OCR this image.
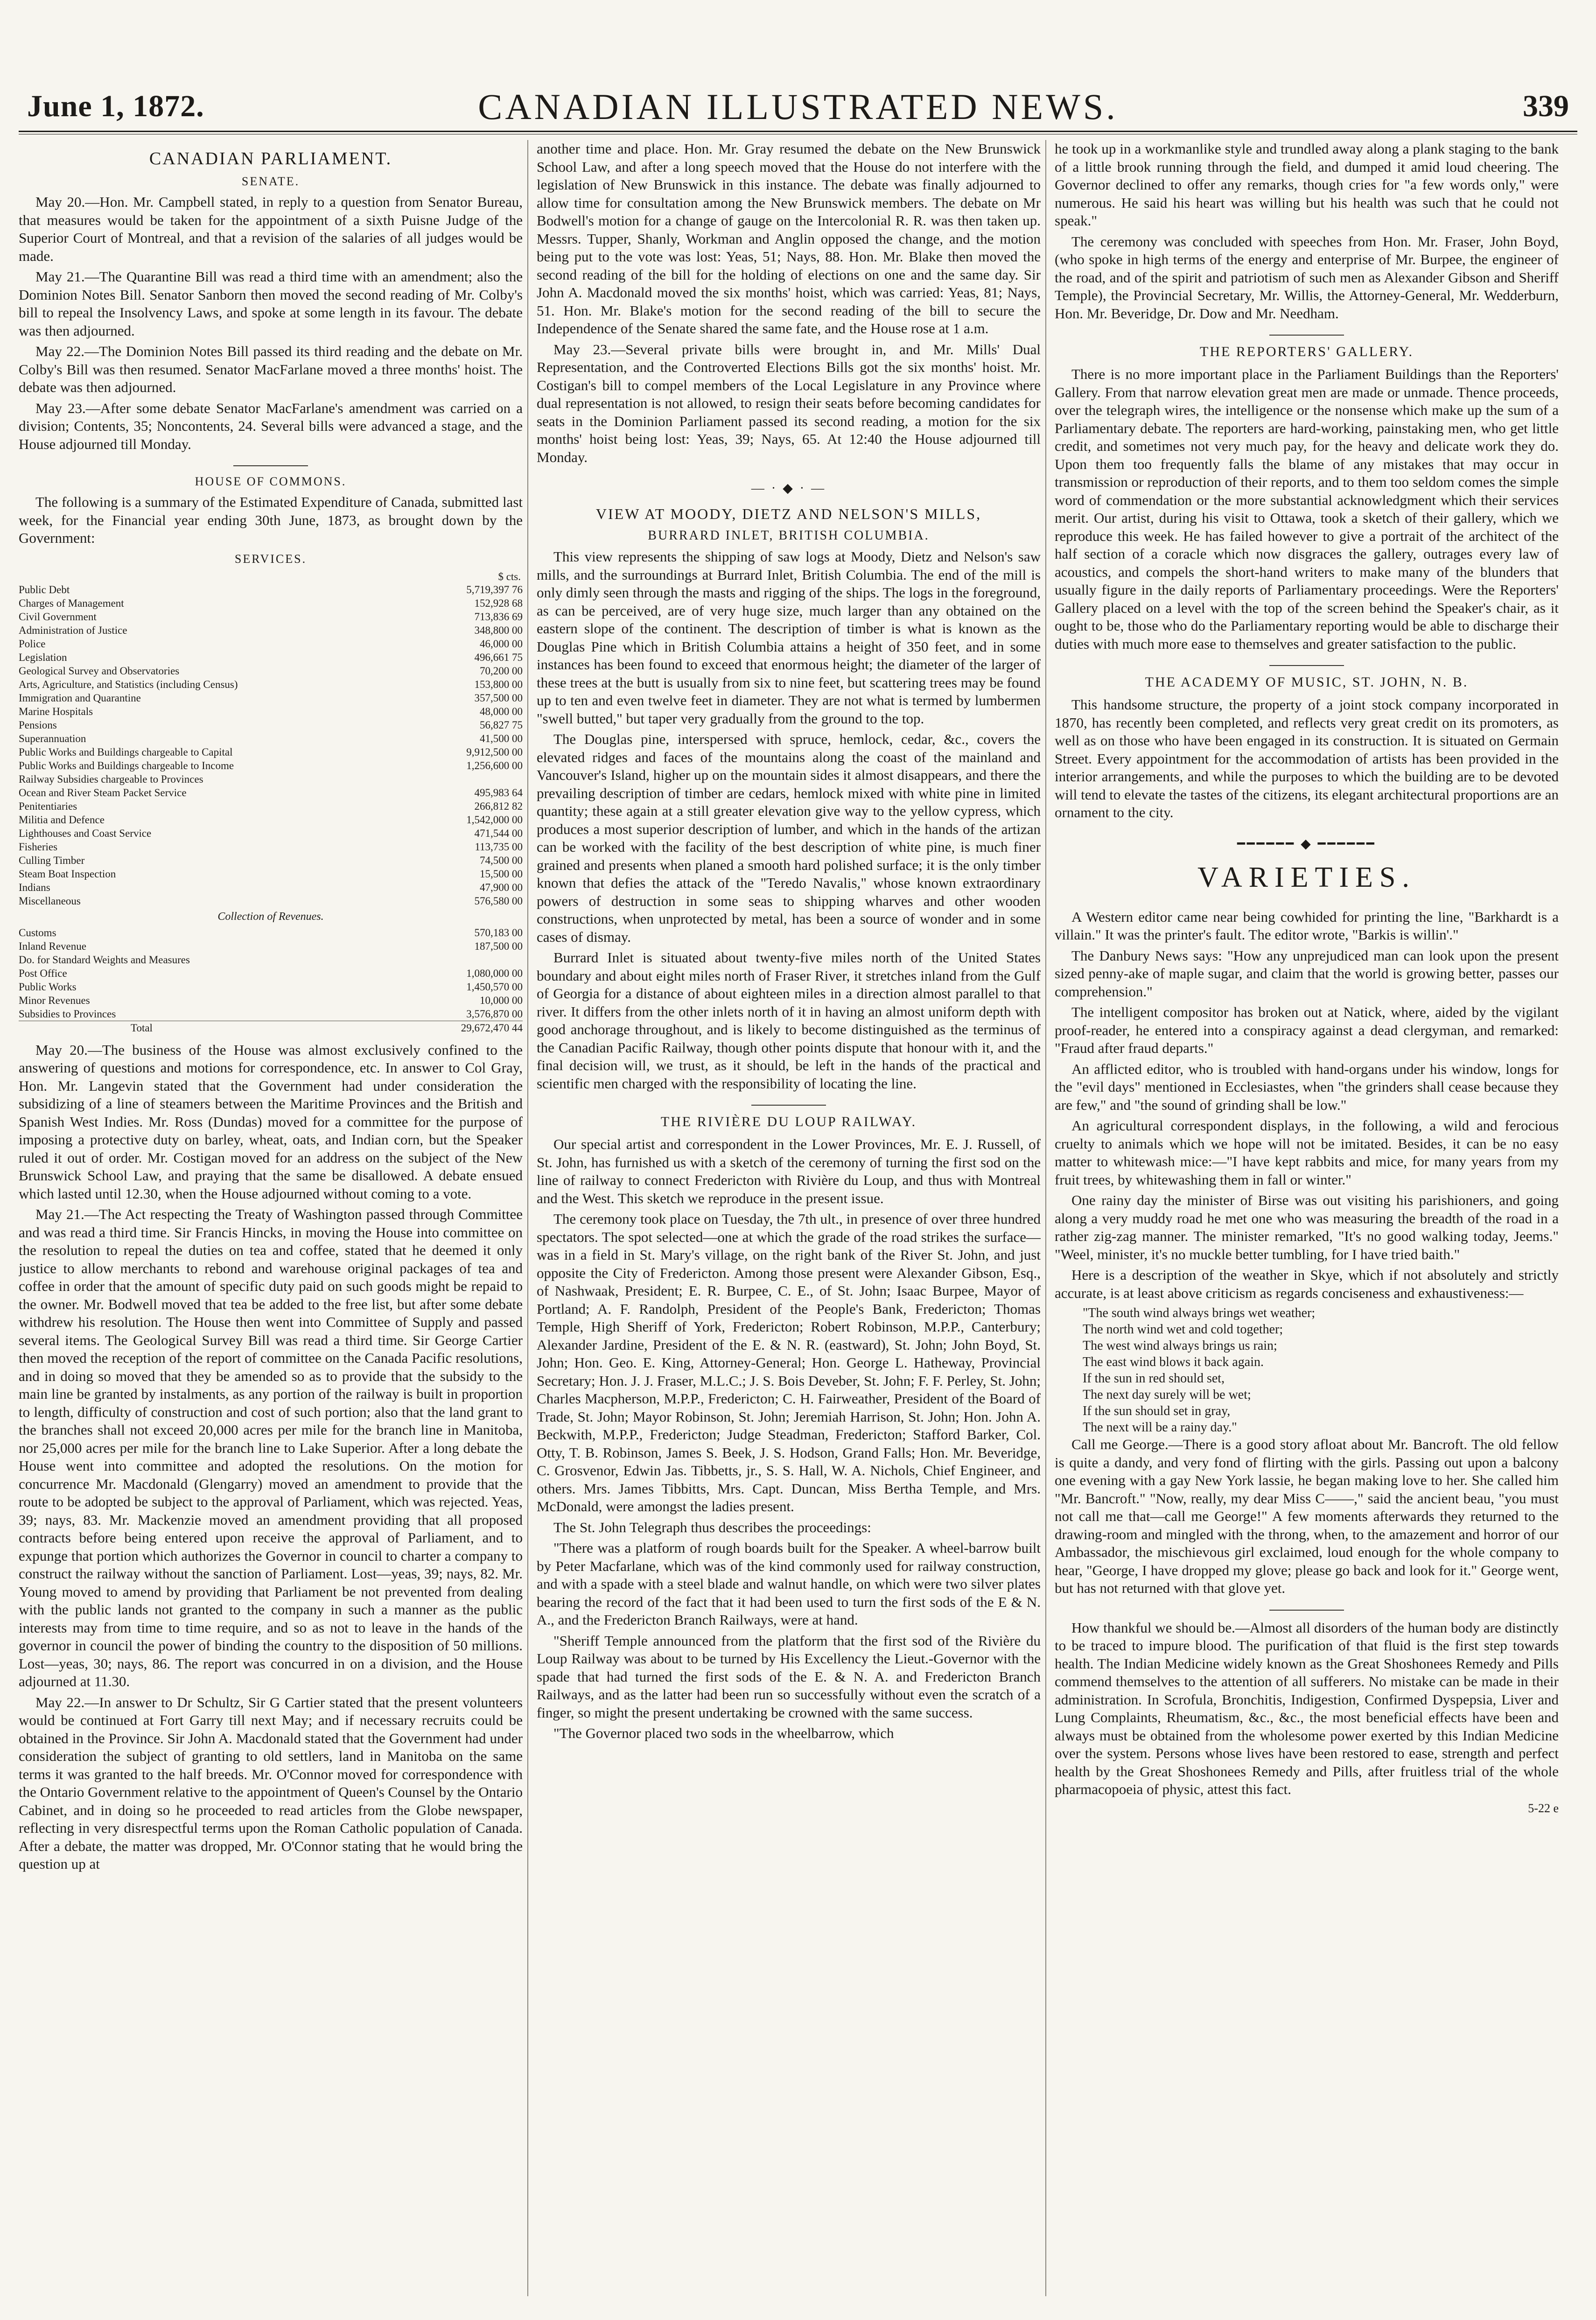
June 1, 1872.	CANADIAN ILLUSTRATED NEWS.	339
CANADIAN PARLIAMENT.
SENATE.

May 20.—Hon. Mr. Campbell stated, in reply to a question from Senator Bureau, that measures would be taken for the appointment of a sixth Puisne Judge of the Superior Court of Montreal, and that a revision of the salaries of all judges would be made.

May 21.—The Quarantine Bill was read a third time with an amendment; also the Dominion Notes Bill. Senator Sanborn then moved the second reading of Mr. Colby's bill to repeal the Insolvency Laws, and spoke at some length in its favour. The debate was then adjourned.

May 22.—The Dominion Notes Bill passed its third reading and the debate on Mr. Colby's Bill was then resumed. Senator MacFarlane moved a three months' hoist. The debate was then adjourned.

May 23.—After some debate Senator MacFarlane's amendment was carried on a division; Contents, 35; Noncontents, 24. Several bills were advanced a stage, and the House adjourned till Monday.

HOUSE OF COMMONS.

The following is a summary of the Estimated Expenditure of Canada, submitted last week, for the Financial year ending 30th June, 1873, as brought down by the Government:

SERVICES.
$ cts.
Public Debt	5,719,397 76
Charges of Management	152,928 68
Civil Government	713,836 69
Administration of Justice	348,800 00
Police	46,000 00
Legislation	496,661 75
Geological Survey and Observatories	70,200 00
Arts, Agriculture, and Statistics (including Census)	153,800 00
Immigration and Quarantine	357,500 00
Marine Hospitals	48,000 00
Pensions	56,827 75
Superannuation	41,500 00
Public Works and Buildings chargeable to Capital	9,912,500 00
Public Works and Buildings chargeable to Income	1,256,600 00
Railway Subsidies chargeable to Provinces	
Ocean and River Steam Packet Service	495,983 64
Penitentiaries	266,812 82
Militia and Defence	1,542,000 00
Lighthouses and Coast Service	471,544 00
Fisheries	113,735 00
Culling Timber	74,500 00
Steam Boat Inspection	15,500 00
Indians	47,900 00
Miscellaneous	576,580 00
Collection of Revenues.
Customs	570,183 00
Inland Revenue	187,500 00
Do. for Standard Weights and Measures	
Post Office	1,080,000 00
Public Works	1,450,570 00
Minor Revenues	10,000 00
Subsidies to Provinces	3,576,870 00
Total	29,672,470 44

May 20.—The business of the House was almost exclusively confined to the answering of questions and motions for correspondence, etc. In answer to Col Gray, Hon. Mr. Langevin stated that the Government had under consideration the subsidizing of a line of steamers between the Maritime Provinces and the British and Spanish West Indies. Mr. Ross (Dundas) moved for a committee for the purpose of imposing a protective duty on barley, wheat, oats, and Indian corn, but the Speaker ruled it out of order. Mr. Costigan moved for an address on the subject of the New Brunswick School Law, and praying that the same be disallowed. A debate ensued which lasted until 12.30, when the House adjourned without coming to a vote.

May 21.—The Act respecting the Treaty of Washington passed through Committee and was read a third time. Sir Francis Hincks, in moving the House into committee on the resolution to repeal the duties on tea and coffee, stated that he deemed it only justice to allow merchants to rebond and warehouse original packages of tea and coffee in order that the amount of specific duty paid on such goods might be repaid to the owner. Mr. Bodwell moved that tea be added to the free list, but after some debate withdrew his resolution. The House then went into Committee of Supply and passed several items. The Geological Survey Bill was read a third time. Sir George Cartier then moved the reception of the report of committee on the Canada Pacific resolutions, and in doing so moved that they be amended so as to provide that the subsidy to the main line be granted by instalments, as any portion of the railway is built in proportion to length, difficulty of construction and cost of such portion; also that the land grant to the branches shall not exceed 20,000 acres per mile for the branch line in Manitoba, nor 25,000 acres per mile for the branch line to Lake Superior. After a long debate the House went into committee and adopted the resolutions. On the motion for concurrence Mr. Macdonald (Glengarry) moved an amendment to provide that the route to be adopted be subject to the approval of Parliament, which was rejected. Yeas, 39; nays, 83. Mr. Mackenzie moved an amendment providing that all proposed contracts before being entered upon receive the approval of Parliament, and to expunge that portion which authorizes the Governor in council to charter a company to construct the railway without the sanction of Parliament. Lost—yeas, 39; nays, 82. Mr. Young moved to amend by providing that Parliament be not prevented from dealing with the public lands not granted to the company in such a manner as the public interests may from time to time require, and so as not to leave in the hands of the governor in council the power of binding the country to the disposition of 50 millions. Lost—yeas, 30; nays, 86. The report was concurred in on a division, and the House adjourned at 11.30.

May 22.—In answer to Dr Schultz, Sir G Cartier stated that the present volunteers would be continued at Fort Garry till next May; and if necessary recruits could be obtained in the Province. Sir John A. Macdonald stated that the Government had under consideration the subject of granting to old settlers, land in Manitoba on the same terms it was granted to the half breeds. Mr. O'Connor moved for correspondence with the Ontario Government relative to the appointment of Queen's Counsel by the Ontario Cabinet, and in doing so he proceeded to read articles from the Globe newspaper, reflecting in very disrespectful terms upon the Roman Catholic population of Canada. After a debate, the matter was dropped, Mr. O'Connor stating that he would bring the question up at

another time and place. Hon. Mr. Gray resumed the debate on the New Brunswick School Law, and after a long speech moved that the House do not interfere with the legislation of New Brunswick in this instance. The debate was finally adjourned to allow time for consultation among the New Brunswick members. The debate on Mr Bodwell's motion for a change of gauge on the Intercolonial R. R. was then taken up. Messrs. Tupper, Shanly, Workman and Anglin opposed the change, and the motion being put to the vote was lost: Yeas, 51; Nays, 88. Hon. Mr. Blake then moved the second reading of the bill for the holding of elections on one and the same day. Sir John A. Macdonald moved the six months' hoist, which was carried: Yeas, 81; Nays, 51. Hon. Mr. Blake's motion for the second reading of the bill to secure the Independence of the Senate shared the same fate, and the House rose at 1 a.m.

May 23.—Several private bills were brought in, and Mr. Mills' Dual Representation, and the Controverted Elections Bills got the six months' hoist. Mr. Costigan's bill to compel members of the Local Legislature in any Province where dual representation is not allowed, to resign their seats before becoming candidates for seats in the Dominion Parliament passed its second reading, a motion for the six months' hoist being lost: Yeas, 39; Nays, 65. At 12:40 the House adjourned till Monday.

— · ◆ · —
VIEW AT MOODY, DIETZ AND NELSON'S MILLS,
BURRARD INLET, BRITISH COLUMBIA.

This view represents the shipping of saw logs at Moody, Dietz and Nelson's saw mills, and the surroundings at Burrard Inlet, British Columbia. The end of the mill is only dimly seen through the masts and rigging of the ships. The logs in the foreground, as can be perceived, are of very huge size, much larger than any obtained on the eastern slope of the continent. The description of timber is what is known as the Douglas Pine which in British Columbia attains a height of 350 feet, and in some instances has been found to exceed that enormous height; the diameter of the larger of these trees at the butt is usually from six to nine feet, but scattering trees may be found up to ten and even twelve feet in diameter. They are not what is termed by lumbermen "swell butted," but taper very gradually from the ground to the top.

The Douglas pine, interspersed with spruce, hemlock, cedar, &c., covers the elevated ridges and faces of the mountains along the coast of the mainland and Vancouver's Island, higher up on the mountain sides it almost disappears, and there the prevailing description of timber are cedars, hemlock mixed with white pine in limited quantity; these again at a still greater elevation give way to the yellow cypress, which produces a most superior description of lumber, and which in the hands of the artizan can be worked with the facility of the best description of white pine, is much finer grained and presents when planed a smooth hard polished surface; it is the only timber known that defies the attack of the "Teredo Navalis," whose known extraordinary powers of destruction in some seas to shipping wharves and other wooden constructions, when unprotected by metal, has been a source of wonder and in some cases of dismay.

Burrard Inlet is situated about twenty-five miles north of the United States boundary and about eight miles north of Fraser River, it stretches inland from the Gulf of Georgia for a distance of about eighteen miles in a direction almost parallel to that river. It differs from the other inlets north of it in having an almost uniform depth with good anchorage throughout, and is likely to become distinguished as the terminus of the Canadian Pacific Railway, though other points dispute that honour with it, and the final decision will, we trust, as it should, be left in the hands of the practical and scientific men charged with the responsibility of locating the line.

THE RIVIÈRE DU LOUP RAILWAY.

Our special artist and correspondent in the Lower Provinces, Mr. E. J. Russell, of St. John, has furnished us with a sketch of the ceremony of turning the first sod on the line of railway to connect Fredericton with Rivière du Loup, and thus with Montreal and the West. This sketch we reproduce in the present issue.

The ceremony took place on Tuesday, the 7th ult., in presence of over three hundred spectators. The spot selected—one at which the grade of the road strikes the surface—was in a field in St. Mary's village, on the right bank of the River St. John, and just opposite the City of Fredericton. Among those present were Alexander Gibson, Esq., of Nashwaak, President; E. R. Burpee, C. E., of St. John; Isaac Burpee, Mayor of Portland; A. F. Randolph, President of the People's Bank, Fredericton; Thomas Temple, High Sheriff of York, Fredericton; Robert Robinson, M.P.P., Canterbury; Alexander Jardine, President of the E. & N. R. (eastward), St. John; John Boyd, St. John; Hon. Geo. E. King, Attorney-General; Hon. George L. Hatheway, Provincial Secretary; Hon. J. J. Fraser, M.L.C.; J. S. Bois Deveber, St. John; F. F. Perley, St. John; Charles Macpherson, M.P.P., Fredericton; C. H. Fairweather, President of the Board of Trade, St. John; Mayor Robinson, St. John; Jeremiah Harrison, St. John; Hon. John A. Beckwith, M.P.P., Fredericton; Judge Steadman, Fredericton; Stafford Barker, Col. Otty, T. B. Robinson, James S. Beek, J. S. Hodson, Grand Falls; Hon. Mr. Beveridge, C. Grosvenor, Edwin Jas. Tibbetts, jr., S. S. Hall, W. A. Nichols, Chief Engineer, and others. Mrs. James Tibbitts, Mrs. Capt. Duncan, Miss Bertha Temple, and Mrs. McDonald, were amongst the ladies present.

The St. John Telegraph thus describes the proceedings:

"There was a platform of rough boards built for the Speaker. A wheel-barrow built by Peter Macfarlane, which was of the kind commonly used for railway construction, and with a spade with a steel blade and walnut handle, on which were two silver plates bearing the record of the fact that it had been used to turn the first sods of the E & N. A., and the Fredericton Branch Railways, were at hand.

"Sheriff Temple announced from the platform that the first sod of the Rivière du Loup Railway was about to be turned by His Excellency the Lieut.-Governor with the spade that had turned the first sods of the E. & N. A. and Fredericton Branch Railways, and as the latter had been run so successfully without even the scratch of a finger, so might the present undertaking be crowned with the same success.

"The Governor placed two sods in the wheelbarrow, which

he took up in a workmanlike style and trundled away along a plank staging to the bank of a little brook running through the field, and dumped it amid loud cheering. The Governor declined to offer any remarks, though cries for "a few words only," were numerous. He said his heart was willing but his health was such that he could not speak."

The ceremony was concluded with speeches from Hon. Mr. Fraser, John Boyd, (who spoke in high terms of the energy and enterprise of Mr. Burpee, the engineer of the road, and of the spirit and patriotism of such men as Alexander Gibson and Sheriff Temple), the Provincial Secretary, Mr. Willis, the Attorney-General, Mr. Wedderburn, Hon. Mr. Beveridge, Dr. Dow and Mr. Needham.

THE REPORTERS' GALLERY.

There is no more important place in the Parliament Buildings than the Reporters' Gallery. From that narrow elevation great men are made or unmade. Thence proceeds, over the telegraph wires, the intelligence or the nonsense which make up the sum of a Parliamentary debate. The reporters are hard-working, painstaking men, who get little credit, and sometimes not very much pay, for the heavy and delicate work they do. Upon them too frequently falls the blame of any mistakes that may occur in transmission or reproduction of their reports, and to them too seldom comes the simple word of commendation or the more substantial acknowledgment which their services merit. Our artist, during his visit to Ottawa, took a sketch of their gallery, which we reproduce this week. He has failed however to give a portrait of the architect of the half section of a coracle which now disgraces the gallery, outrages every law of acoustics, and compels the short-hand writers to make many of the blunders that usually figure in the daily reports of Parliamentary proceedings. Were the Reporters' Gallery placed on a level with the top of the screen behind the Speaker's chair, as it ought to be, those who do the Parliamentary reporting would be able to discharge their duties with much more ease to themselves and greater satisfaction to the public.

THE ACADEMY OF MUSIC, ST. JOHN, N. B.

This handsome structure, the property of a joint stock company incorporated in 1870, has recently been completed, and reflects very great credit on its promoters, as well as on those who have been engaged in its construction. It is situated on Germain Street. Every appointment for the accommodation of artists has been provided in the interior arrangements, and while the purposes to which the building are to be devoted will tend to elevate the tastes of the citizens, its elegant architectural proportions are an ornament to the city.

━━━━━━ ◆ ━━━━━━
VARIETIES.

A Western editor came near being cowhided for printing the line, "Barkhardt is a villain." It was the printer's fault. The editor wrote, "Barkis is willin'."

The Danbury News says: "How any unprejudiced man can look upon the present sized penny-ake of maple sugar, and claim that the world is growing better, passes our comprehension."

The intelligent compositor has broken out at Natick, where, aided by the vigilant proof-reader, he entered into a conspiracy against a dead clergyman, and remarked: "Fraud after fraud departs."

An afflicted editor, who is troubled with hand-organs under his window, longs for the "evil days" mentioned in Ecclesiastes, when "the grinders shall cease because they are few," and "the sound of grinding shall be low."

An agricultural correspondent displays, in the following, a wild and ferocious cruelty to animals which we hope will not be imitated. Besides, it can be no easy matter to whitewash mice:—"I have kept rabbits and mice, for many years from my fruit trees, by whitewashing them in fall or winter."

One rainy day the minister of Birse was out visiting his parishioners, and going along a very muddy road he met one who was measuring the breadth of the road in a rather zig-zag manner. The minister remarked, "It's no good walking today, Jeems." "Weel, minister, it's no muckle better tumbling, for I have tried baith."

Here is a description of the weather in Skye, which if not absolutely and strictly accurate, is at least above criticism as regards conciseness and exhaustiveness:—

"The south wind always brings wet weather;

The north wind wet and cold together;

The west wind always brings us rain;

The east wind blows it back again.

If the sun in red should set,

The next day surely will be wet;

If the sun should set in gray,

The next will be a rainy day."

Call me George.—There is a good story afloat about Mr. Bancroft. The old fellow is quite a dandy, and very fond of flirting with the girls. Passing out upon a balcony one evening with a gay New York lassie, he began making love to her. She called him "Mr. Bancroft." "Now, really, my dear Miss C——," said the ancient beau, "you must not call me that—call me George!" A few moments afterwards they returned to the drawing-room and mingled with the throng, when, to the amazement and horror of our Ambassador, the mischievous girl exclaimed, loud enough for the whole company to hear, "George, I have dropped my glove; please go back and look for it." George went, but has not returned with that glove yet.

How thankful we should be.—Almost all disorders of the human body are distinctly to be traced to impure blood. The purification of that fluid is the first step towards health. The Indian Medicine widely known as the Great Shoshonees Remedy and Pills commend themselves to the attention of all sufferers. No mistake can be made in their administration. In Scrofula, Bronchitis, Indigestion, Confirmed Dyspepsia, Liver and Lung Complaints, Rheumatism, &c., &c., the most beneficial effects have been and always must be obtained from the wholesome power exerted by this Indian Medicine over the system. Persons whose lives have been restored to ease, strength and perfect health by the Great Shoshonees Remedy and Pills, after fruitless trial of the whole pharmacopoeia of physic, attest this fact.

5-22 e
